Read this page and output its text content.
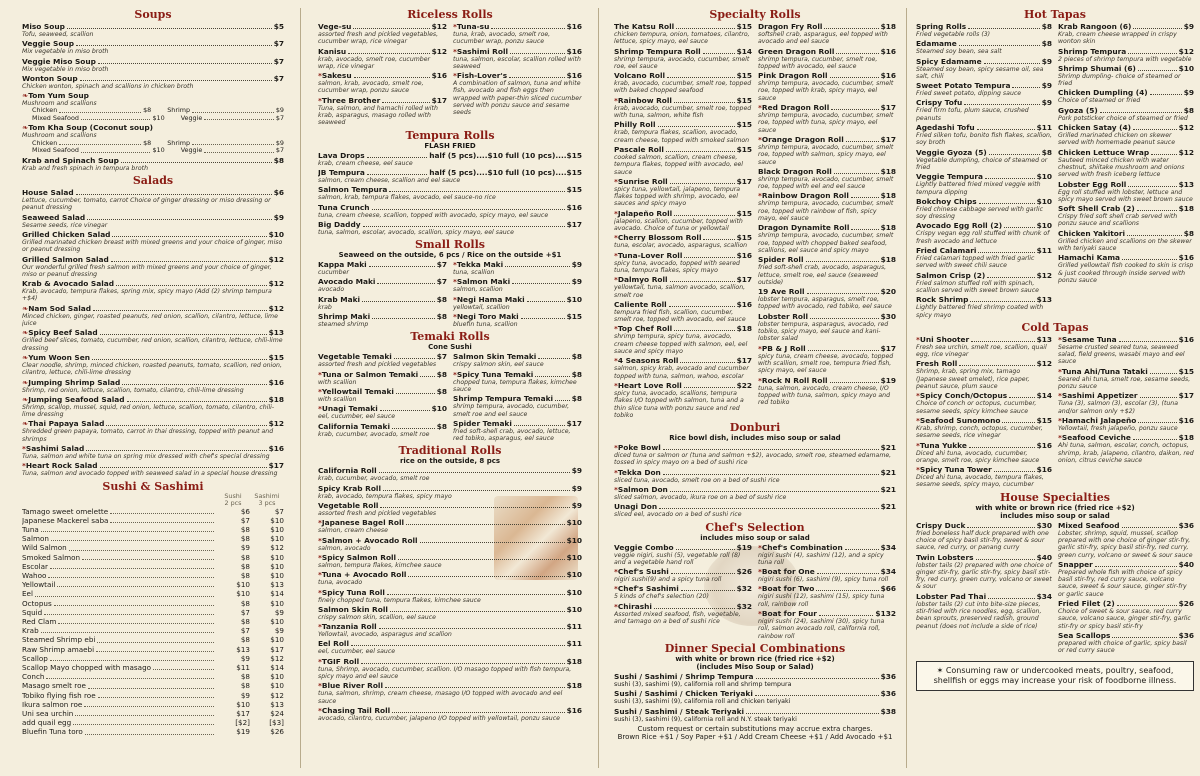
Soups
Miso Soup	$5
Tofu, seaweed, scallion
Veggie Soup	$7
Mix vegetable in miso broth
Veggie Miso Soup	$7
Mix vegetable in miso broth
Wonton Soup	$7
Chicken wonton, spinach and scallions in chicken broth
❧ Tom Yum Soup
Mushroom and scallions
Chicken	$8	Shrimp	$9
Mixed Seafood	$10	Veggie	$7
❧ Tom Kha Soup (Coconut soup)
Mushroom and scallions
Chicken	$8	Shrimp	$9
Mixed Seafood	$10	Veggie	$7
Krab and Spinach Soup	$8
Krab and fresh spinach in tempura broth
Salads
House Salad	$6
Lettuce, cucumber, tomato, carrot Choice of ginger dressing or miso dressing or peanut dressing
Seaweed Salad	$9
Sesame seeds, rice vinegar
Grilled Chicken Salad	$10
Grilled marinated chicken breast with mixed greens and your choice of ginger, miso or peanut dressing
Grilled Salmon Salad	$12
Our wonderful grilled fresh salmon with mixed greens and your choice of ginger, miso or peanut dressing
Krab & Avocado Salad	$12
Krab, avocado, tempura flakes, spring mix, spicy mayo (Add (2) shrimp tempura +$4)
❧ Nam Sod Salad	$12
Minced chicken, ginger, roasted peanuts, red onion, scallion, cilantro, lettuce, lime juice
❧ Spicy Beef Salad	$13
Grilled beef slices, tomato, cucumber, red onion, scallion, cilantro, lettuce, chili-lime dressing
❧ Yum Woon Sen	$15
Clear noodle, shrimp, minced chicken, roasted peanuts, tomato, scallion, red onion, cilantro, lettuce, chili-lime dressing
❧ Jumping Shrimp Salad	$16
Shrimp, red onion, lettuce, scallion, tomato, cilantro, chili-lime dressing
❧ Jumping Seafood Salad	$18
Shrimp, scallop, mussel, squid, red onion, lettuce, scallion, tomato, cilantro, chili-lime dressing
❧ Thai Papaya Salad	$12
Shredded green papaya, tomato, carrot in thai dressing, topped with peanut and shrimps
* Sashimi Salad	$16
Tuna, salmon and white tuna on spring mix dressed with chef's special dressing
* Heart Rock Salad	$17
Tuna, salmon and avocado topped with seaweed salad in a special house dressing
Sushi & Sashimi
Sushi
2 pcs
Sashimi
3 pcs
Tamago sweet omelette	$6	$7
Japanese Mackerel saba	$7	$10
Tuna	$8	$10
Salmon	$8	$10
Wild Salmon	$9	$12
Smoked Salmon	$8	$10
Escolar	$8	$10
Wahoo	$8	$10
Yellowtail	$10	$13
Eel	$10	$14
Octopus	$8	$10
Squid	$7	$9
Red Clam	$8	$10
Krab	$7	$9
Steamed Shrimp ebi	$8	$10
Raw Shrimp amaebi	$13	$17
Scallop	$9	$12
Scallop Mayo chopped with masago	$11	$14
Conch	$8	$10
Masago smelt roe	$8	$10
Tobiko flying fish roe	$9	$12
Ikura salmon roe	$10	$13
Uni sea urchin	$17	$24
add quail egg	[$2]	[$3]
Bluefin Tuna toro	$19	$26
Riceless Rolls
Vege-su	$12
assorted fresh and pickled vegetables, cucumber wrap, rice vinegar
Kanisu	$12
krab, avocado, smelt roe, cucumber wrap, rice vinegar
* Sakesu	$16
salmon, krab, avocado, smelt roe, cucumber wrap, ponzu sauce
* Three Brother	$17
Tuna, salmon, and hamachi rolled with krab, asparagus, masago rolled with seaweed
* Tuna-su	$16
tuna, krab, avocado, smelt roe, cucumber wrap, ponzu sauce
* Sashimi Roll	$16
tuna, salmon, escolar, scallion rolled with seaweed
* Fish-Lover's	$16
A combination of salmon, tuna and white fish, avocado and fish eggs then wrapped with paper-thin sliced cucumber served with ponzu sauce and sesame seeds
Tempura Rolls
FLASH FRIED
Lava Drops	half (5 pcs)....$10 full (10 pcs)....$15
krab, cream cheese, eel sauce
JB Tempura	half (5 pcs)....$10 full (10 pcs)....$15
salmon, cream cheese, scallion and eel sauce
Salmon Tempura	$15
salmon, krab, tempura flakes, avocado, eel sauce-no rice
Tuna Crunch	$16
tuna, cream cheese, scallion, topped with avocado, spicy mayo, eel sauce
Big Daddy	$17
tuna, salmon, escolar, avocado, scallion, spicy mayo, eel sauce
Small Rolls
Seaweed on the outside, 6 pcs / Rice on the outside +$1
Kappa Maki	$7
cucumber
Avocado Maki	$7
avocado
Krab Maki	$8
krab
Shrimp Maki	$8
steamed shrimp
* Tekka Maki	$9
tuna, scallion
* Salmon Maki	$9
salmon, scallion
* Negi Hama Maki	$10
yellowtail, scallion
* Negi Toro Maki	$15
bluefin tuna, scallion
Temaki Rolls
Cone Sushi
Vegetable Temaki	$7
assorted fresh and pickled vegetables
* Tuna or Salmon Temaki	$8
with scallion
* Yellowtail Temaki	$8
with scallion
* Unagi Temaki	$10
eel, cucumber, eel sauce
California Temaki	$8
krab, cucumber, avocado, smelt roe
Salmon Skin Temaki	$8
crispy salmon skin, eel sauce
* Spicy Tuna Temaki	$8
chopped tuna, tempura flakes, kimchee sauce
Shrimp Tempura Temaki	$8
shrimp tempura, avocado, cucumber, smelt roe and eel sauce
Spider Temaki	$17
fried soft-shell crab, avocado, lettuce, red tobiko, asparagus, eel sauce
Traditional Rolls
rice on the outside, 8 pcs
California Roll	$9
krab, cucumber, avocado, smelt roe
Spicy Krab Roll	$9
krab, avocado, tempura flakes, spicy mayo
Vegetable Roll	$9
assorted fresh and pickled vegetables
* Japanese Bagel Roll	$10
salmon, cream cheese
* Salmon + Avocado Roll	$10
salmon, avocado
* Spicy Salmon Roll	$10
salmon, tempura flakes, kimchee sauce
* Tuna + Avocado Roll	$10
tuna, avocado
* Spicy Tuna Roll	$10
finely chopped tuna, tempura flakes, kimchee sauce
Salmon Skin Roll	$10
crispy salmon skin, scallion, eel sauce
* Tanzania Roll	$11
Yellowtail, avocado, asparagus and scallion
Eel Roll	$11
eel, cucumber, eel sauce
* TGIF Roll	$18
tuna, Shrimp, avocado, cucumber, scallion. I/O masago topped with fish tempura, spicy mayo and eel sauce
* Blue River Roll	$18
tuna, salmon, shrimp, cream cheese, masago I/O topped with avocado and eel sauce
* Chasing Tail Roll	$16
avocado, cilantro, cucumber, jalapeno I/O topped with yellowtail, ponzu sauce
Specialty Rolls
The Katsu Roll	$15
chicken tempura, onion, tomatoes, cilantro, lettuce, spicy mayo, eel sauce
Shrimp Tempura Roll	$14
shrimp tempura, avocado, cucumber, smelt roe, eel sauce
Volcano Roll	$15
krab, avocado, cucumber, smelt roe, topped with baked chopped seafood
* Rainbow Roll	$15
krab, avocado, cucumber, smelt roe, topped with tuna, salmon, white fish
Philly Roll	$15
krab, tempura flakes, scallion, avocado, cream cheese, topped with smoked salmon
Pascale Roll	$15
cooked salmon, scallion, cream cheese, tempura flakes, topped with avocado, eel sauce
* Sunrise Roll	$17
spicy tuna, yellowtail, jalapeno, tempura flakes topped with shrimp, avocado, eel sauces and spicy mayo
* Jalapeño Roll	$15
jalapeno, scallion, cucumber, topped with avocado. Choice of tuna or yellowtail
* Cherry Blossom Roll	$15
tuna, escolar, avocado, asparagus, scallion
* Tuna-Lover Roll	$16
spicy tuna, avocado, topped with seared tuna, tempura flakes, spicy mayo
* Dalmyo Roll	$17
yellowtail, tuna, salmon avocado, scallion, smelt roe
Caliente Roll	$16
tempura fried fish, scallion, cucumber, smelt roe, topped with avocado, eel sauce
* Top Chef Roll	$18
shrimp tempura, spicy tuna, avocado, cream cheese topped with salmon, eel, eel sauce and spicy mayo
* 4 Seasons Roll	$17
salmon, spicy krab, avocado and cucumber topped with tuna, salmon, wahoo, escolar
* Heart Love Roll	$22
spicy tuna, avocado, scallions, tempura flakes I/O topped with salmon, tuna and a thin slice tuna with ponzu sauce and red tobiko
Dragon Fry Roll	$18
softshell crab, asparagus, eel topped with avocado and eel sauce
Green Dragon Roll	$16
shrimp tempura, cucumber, smelt roe, topped with avocado, eel sauce
Pink Dragon Roll	$16
shrimp tempura, avocado, cucumber, smelt roe, topped with krab, spicy mayo, eel sauce
* Red Dragon Roll	$17
shrimp tempura, avocado, cucumber, smelt roe, topped with tuna, spicy mayo, eel sauce
* Orange Dragon Roll	$17
shrimp tempura, avocado, cucumber, smelt roe, topped with salmon, spicy mayo, eel sauce
Black Dragon Roll	$18
shrimp tempura, avocado, cucumber, smelt roe, topped with eel and eel sauce
* Rainbow Dragon Roll	$18
shrimp tempura, avocado, cucumber, smelt roe, topped with rainbow of fish, spicy mayo, eel sauce
Dragon Dynamite Roll	$18
shrimp tempura, avocado, cucumber, smelt roe, topped with chopped baked seafood, scallions, eel sauce and spicy mayo
Spider Roll	$18
fried soft-shell crab, avocado, asparagus, lettuce, smelt roe, eel sauce (seaweed outside)
19 Ave Roll	$20
lobster tempura, asparagus, smelt roe, topped with avocado, red tobiko, eel sauce
Lobster Roll	$30
lobster tempura, asparagus, avocado, red tobiko, spicy mayo, eel sauce and kani-lobster salad
* PB & J Roll	$17
spicy tuna, cream cheese, avocado, topped with scallion, smelt roe, tempura fried fish, spicy mayo, eel sauce
* Rock N Roll Roll	$19
tuna, salmon, avocado, cream cheese, I/O topped with tuna, salmon, spicy mayo and red tobiko
Donburi
Rice bowl dish, includes miso soup or salad
* Poke Bowl	$21
diced tuna or salmon or (tuna and salmon +$2), avocado, smelt roe, steamed edamame, tossed in spicy mayo on a bed of sushi rice
* Tekka Don	$21
sliced tuna, avocado, smelt roe on a bed of sushi rice
* Salmon Don	$21
sliced salmon, avocado, ikura roe on a bed of sushi rice
Unagi Don	$21
sliced eel, avocado on a bed of sushi rice
Chef's Selection
includes miso soup or salad
Veggie Combo	$19
veggie nigiri, sushi (5), vegetable roll (8) and a vegetable hand roll
* Chef's Sushi	$26
nigiri sushi(9) and a spicy tuna roll
* Chef's Sashimi	$32
5 kinds of chef's selection (20)
* Chirashi	$32
Assorted mixed seafood, fish, vegetable, and tamago on a bed of sushi rice
* Chef's Combination	$34
nigiri sushi (4), sashimi (12), and a spicy tuna roll
* Boat for One	$34
nigiri sushi (6), sashimi (9), spicy tuna roll
* Boat for Two	$66
nigiri sushi (12), sashimi (15), spicy tuna roll, rainbow roll
* Boat for Four	$132
nigiri sushi (24), sashimi (30), spicy tuna roll, salmon avocado roll, california roll, rainbow roll
Dinner Special Combinations
with white or brown rice (fried rice +$2)
(includes Miso Soup or Salad)
Sushi / Sashimi / Shrimp Tempura	$36
sushi (3), sashimi (9), california roll and shrimp tempura
Sushi / Sashimi / Chicken Teriyaki	$36
sushi (3), sashimi (9), california roll and chicken teriyaki
Sushi / Sashimi / Steak Teriyaki	$38
sushi (3), sashimi (9), california roll and N.Y. steak teriyaki
Custom request or certain substitutions may accrue extra charges.
Brown Rice +$1 / Soy Paper +$1 / Add Cream Cheese +$1 / Add Avocado +$1
Hot Tapas
Spring Rolls	$8
Fried vegetable rolls (3)
Edamame	$8
Steamed soy bean, sea salt
Spicy Edamame	$9
Steamed soy bean, spicy sesame oil, sea salt, chili
Sweet Potato Tempura	$9
Fried sweet potato, dipping sauce
Crispy Tofu	$9
Fried firm tofu, plum sauce, crushed peanuts
Agedashi Tofu	$11
Fried silken tofu, bonito fish flakes, scallion, soy broth
Veggie Gyoza (5)	$8
Vegetable dumpling, choice of steamed or fried
Veggie Tempura	$10
Lightly battered fried mixed veggie with tempura dipping
Bokchoy Chips	$10
Fried chinese cabbage served with garlic soy dressing
Avocado Egg Roll (2)	$10
Crispy vegan egg roll stuffed with chunk of fresh avocado and lettuce
Fried Calamari	$11
Fried calamari topped with fried garlic served with sweet chili sauce
Salmon Crisp (2)	$12
Fried salmon stuffed roll with spinach, scallion served with sweet brown sauce
Rock Shrimp	$13
Lightly battered fried shrimp coated with spicy mayo
Krab Rangoon (6)	$9
Krab, cream cheese wrapped in crispy wonton skin
Shrimp Tempura	$12
2 pieces of shrimp tempura with vegetable
Shrimp Shumai (6)	$10
Shrimp dumpling- choice of steamed or fried
Chicken Dumpling (4)	$9
Choice of steamed or fried
Gyoza (5)	$8
Pork potsticker choice of steamed or fried
Chicken Satay (4)	$12
Grilled marinated chicken on skewer served with homemade peanut sauce
Chicken Lettuce Wrap	$12
Sauteed minced chicken with water chestnut, shiitake mushroom and onions served with fresh iceberg lettuce
Lobster Egg Roll	$13
Egg roll stuffed with lobster, lettuce and spicy mayo served with sweet brown sauce
Soft Shell Crab (2)	$18
Crispy fried soft shell crab served with ponzu sauce and scallions
Chicken Yakitori	$8
Grilled chicken and scallions on the skewer with teriyaki sauce
Hamachi Kama	$16
Grilled yellowtail fish cooked to skin is crisp & just cooked through inside served with ponzu sauce
Cold Tapas
* Uni Shooter	$13
Fresh sea urchin, smelt roe, scallion, quail egg, rice vinegar
Fresh Roll	$12
Shrimp, krab, spring mix, tamago (Japanese sweet omelet), rice paper, peanut sauce, plum sauce
* Spicy Conch/Octopus	$14
Choice of conch or octopus, cucumber, sesame seeds, spicy kimchee sauce
* Seafood Sunomono	$15
Krab, shrimp, conch, octopus, cucumber, sesame seeds, rice vinegar
* Tuna Yukke	$16
Diced ahi tuna, avocado, cucumber, orange, smelt roe, spicy kimchee sauce
* Spicy Tuna Tower	$16
Diced ahi tuna, avocado, tempura flakes, sesame seeds, spicy mayo, cucumber
* Sesame Tuna	$16
Sesame crusted seared tuna, seaweed salad, field greens, wasabi mayo and eel sauce
* Tuna Ahi/Tuna Tataki	$15
Seared ahi tuna, smelt roe, sesame seeds, ponzu sauce
* Sashimi Appetizer	$17
Tuna (3), salmon (3), escolar (3), (tuna and/or salmon only +$2)
* Hamachi Jalapeño	$16
Yellowtail, fresh jalapeño, ponzu sauce
* Seafood Ceviche	$18
Ahi tuna, salmon, escolar, conch, octopus, shrimp, krab, jalapeno, cilantro, daikon, red onion, citrus ceviche sauce
House Specialties
with white or brown rice (fried rice +$2)
includes miso soup or salad
Crispy Duck	$30
fried boneless half duck prepared with one choice of spicy basil stir-fry, sweet & sour sauce, red curry, or panang curry
Twin Lobsters	$40
lobster tails (2) prepared with one choice of ginger stir-fry, garlic stir-fry, spicy basil stir-fry, red curry, green curry, volcano or sweet & sour
Lobster Pad Thai	$34
lobster tails (2) cut into bite-size pieces, stir-fried with rice noodles, egg, scallion, bean sprouts, preserved radish, ground peanut (does not include a side of rice)
Mixed Seafood	$36
Lobster, shrimp, squid, mussel, scallop prepared with one choice of ginger stir-fry, garlic stir-fry, spicy basil stir-fry, red curry, green curry, volcano or sweet & sour sauce
Snapper	$40
Prepared whole fish with choice of spicy basil stir-fry, red curry sauce, volcano sauce, sweet & sour sauce, ginger stir-fry or garlic sauce
Fried Filet (2)	$26
Choice of sweet & sour sauce, red curry sauce, volcano sauce, ginger stir-fry, garlic stir-fry or spicy basil stir-fry
Sea Scallops	$36
prepared with choice of garlic, spicy basil or red curry sauce
✶ Consuming raw or undercooked meats, poultry, seafood, shellfish or eggs may increase your risk of foodborne illness.
